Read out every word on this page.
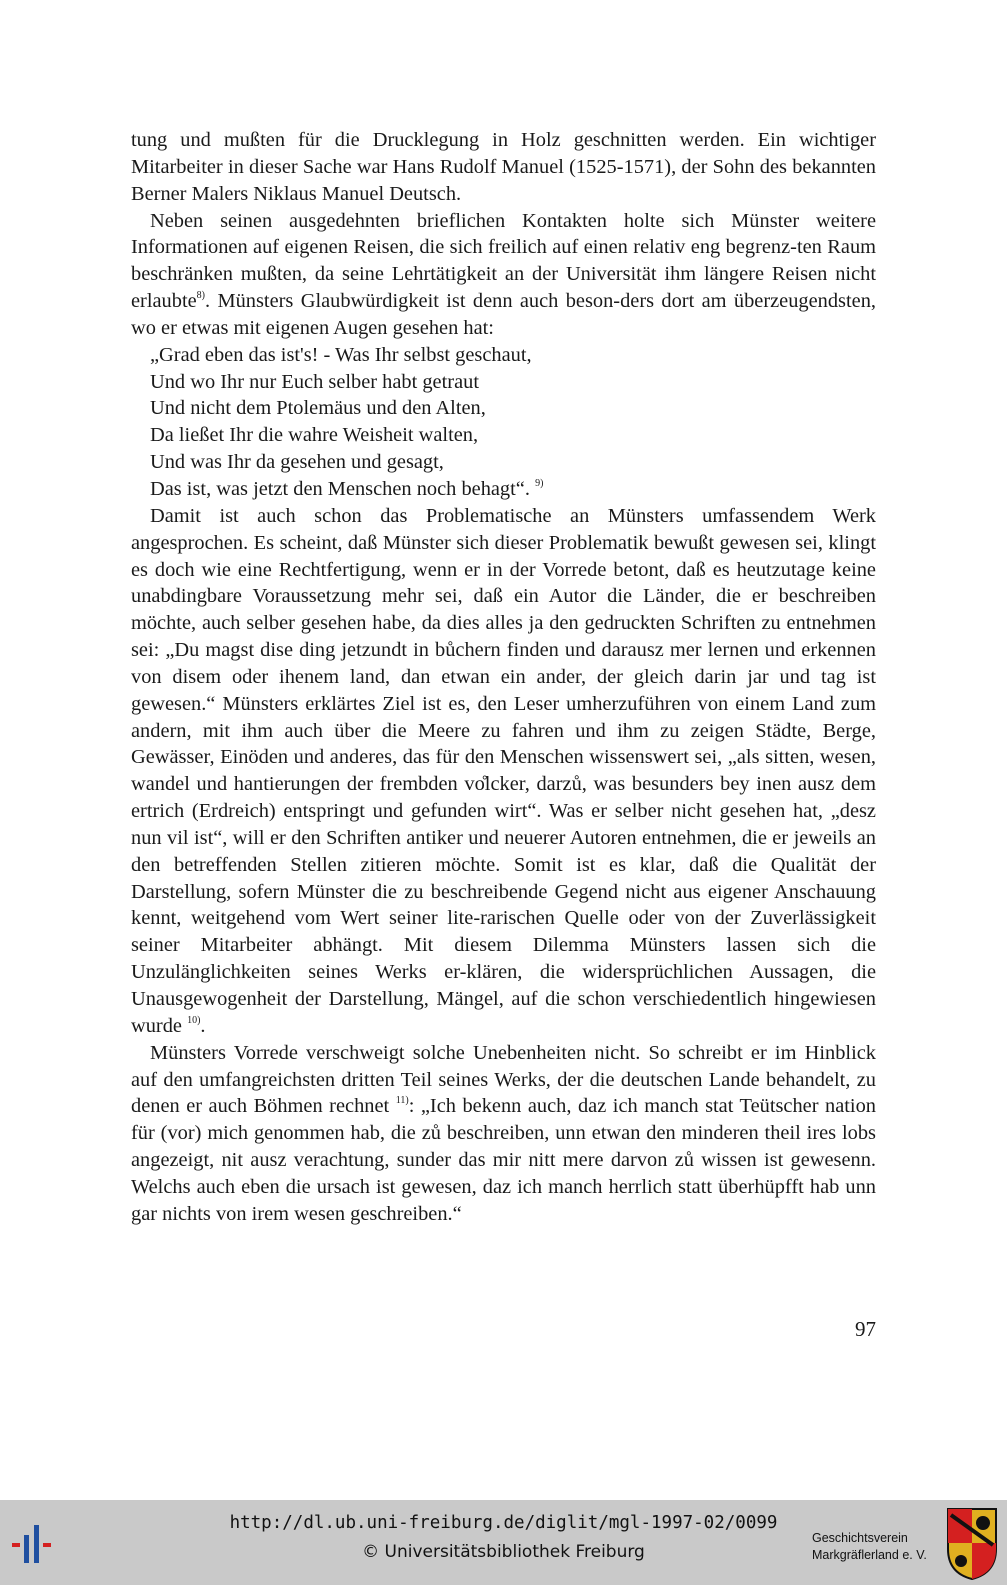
tung und mußten für die Drucklegung in Holz geschnitten werden. Ein wichtiger Mitarbeiter in dieser Sache war Hans Rudolf Manuel (1525-1571), der Sohn des bekannten Berner Malers Niklaus Manuel Deutsch.

Neben seinen ausgedehnten brieflichen Kontakten holte sich Münster weitere Informationen auf eigenen Reisen, die sich freilich auf einen relativ eng begrenz-ten Raum beschränken mußten, da seine Lehrtätigkeit an der Universität ihm längere Reisen nicht erlaubte$^{8)}$. Münsters Glaubwürdigkeit ist denn auch beson-ders dort am überzeugendsten, wo er etwas mit eigenen Augen gesehen hat:

„Grad eben das ist's! - Was Ihr selbst geschaut,
Und wo Ihr nur Euch selber habt getraut
Und nicht dem Ptolemäus und den Alten,
Da ließet Ihr die wahre Weisheit walten,
Und was Ihr da gesehen und gesagt,
Das ist, was jetzt den Menschen noch behagt“. $^{9)}$

Damit ist auch schon das Problematische an Münsters umfassendem Werk angesprochen. Es scheint, daß Münster sich dieser Problematik bewußt gewesen sei, klingt es doch wie eine Rechtfertigung, wenn er in der Vorrede betont, daß es heutzutage keine unabdingbare Voraussetzung mehr sei, daß ein Autor die Länder, die er beschreiben möchte, auch selber gesehen habe, da dies alles ja den gedruckten Schriften zu entnehmen sei: „Du magst dise ding jetzundt in bůchern finden und darausz mer lernen und erkennen von disem oder ihenem land, dan etwan ein ander, der gleich darin jar und tag ist gewesen.“ Münsters erklärtes Ziel ist es, den Leser umherzuführen von einem Land zum andern, mit ihm auch über die Meere zu fahren und ihm zu zeigen Städte, Berge, Gewässer, Einöden und anderes, das für den Menschen wissenswert sei, „als sitten, wesen, wandel und hantierungen der frembden vo̊lcker, darzů, was besunders bey inen ausz dem ertrich (Erdreich) entspringt und gefunden wirt“. Was er selber nicht gesehen hat, „desz nun vil ist“, will er den Schriften antiker und neuerer Autoren entnehmen, die er jeweils an den betreffenden Stellen zitieren möchte. Somit ist es klar, daß die Qualität der Darstellung, sofern Münster die zu beschreibende Gegend nicht aus eigener Anschauung kennt, weitgehend vom Wert seiner lite-rarischen Quelle oder von der Zuverlässigkeit seiner Mitarbeiter abhängt. Mit diesem Dilemma Münsters lassen sich die Unzulänglichkeiten seines Werks er-klären, die widersprüchlichen Aussagen, die Unausgewogenheit der Darstellung, Mängel, auf die schon verschiedentlich hingewiesen wurde $^{10)}$.

Münsters Vorrede verschweigt solche Unebenheiten nicht. So schreibt er im Hinblick auf den umfangreichsten dritten Teil seines Werks, der die deutschen Lande behandelt, zu denen er auch Böhmen rechnet $^{11)}$: „Ich bekenn auch, daz ich manch stat Teütscher nation für (vor) mich genommen hab, die zů beschreiben, unn etwan den minderen theil ires lobs angezeigt, nit ausz verachtung, sunder das mir nitt mere darvon zů wissen ist gewesenn. Welchs auch eben die ursach ist gewesen, daz ich manch herrlich statt überhüpfft hab unn gar nichts von irem wesen geschreiben.“

97
http://dl.ub.uni-freiburg.de/diglit/mgl-1997-02/0099
© Universitätsbibliothek Freiburg
Geschichtsverein
Markgräflerland e. V.
